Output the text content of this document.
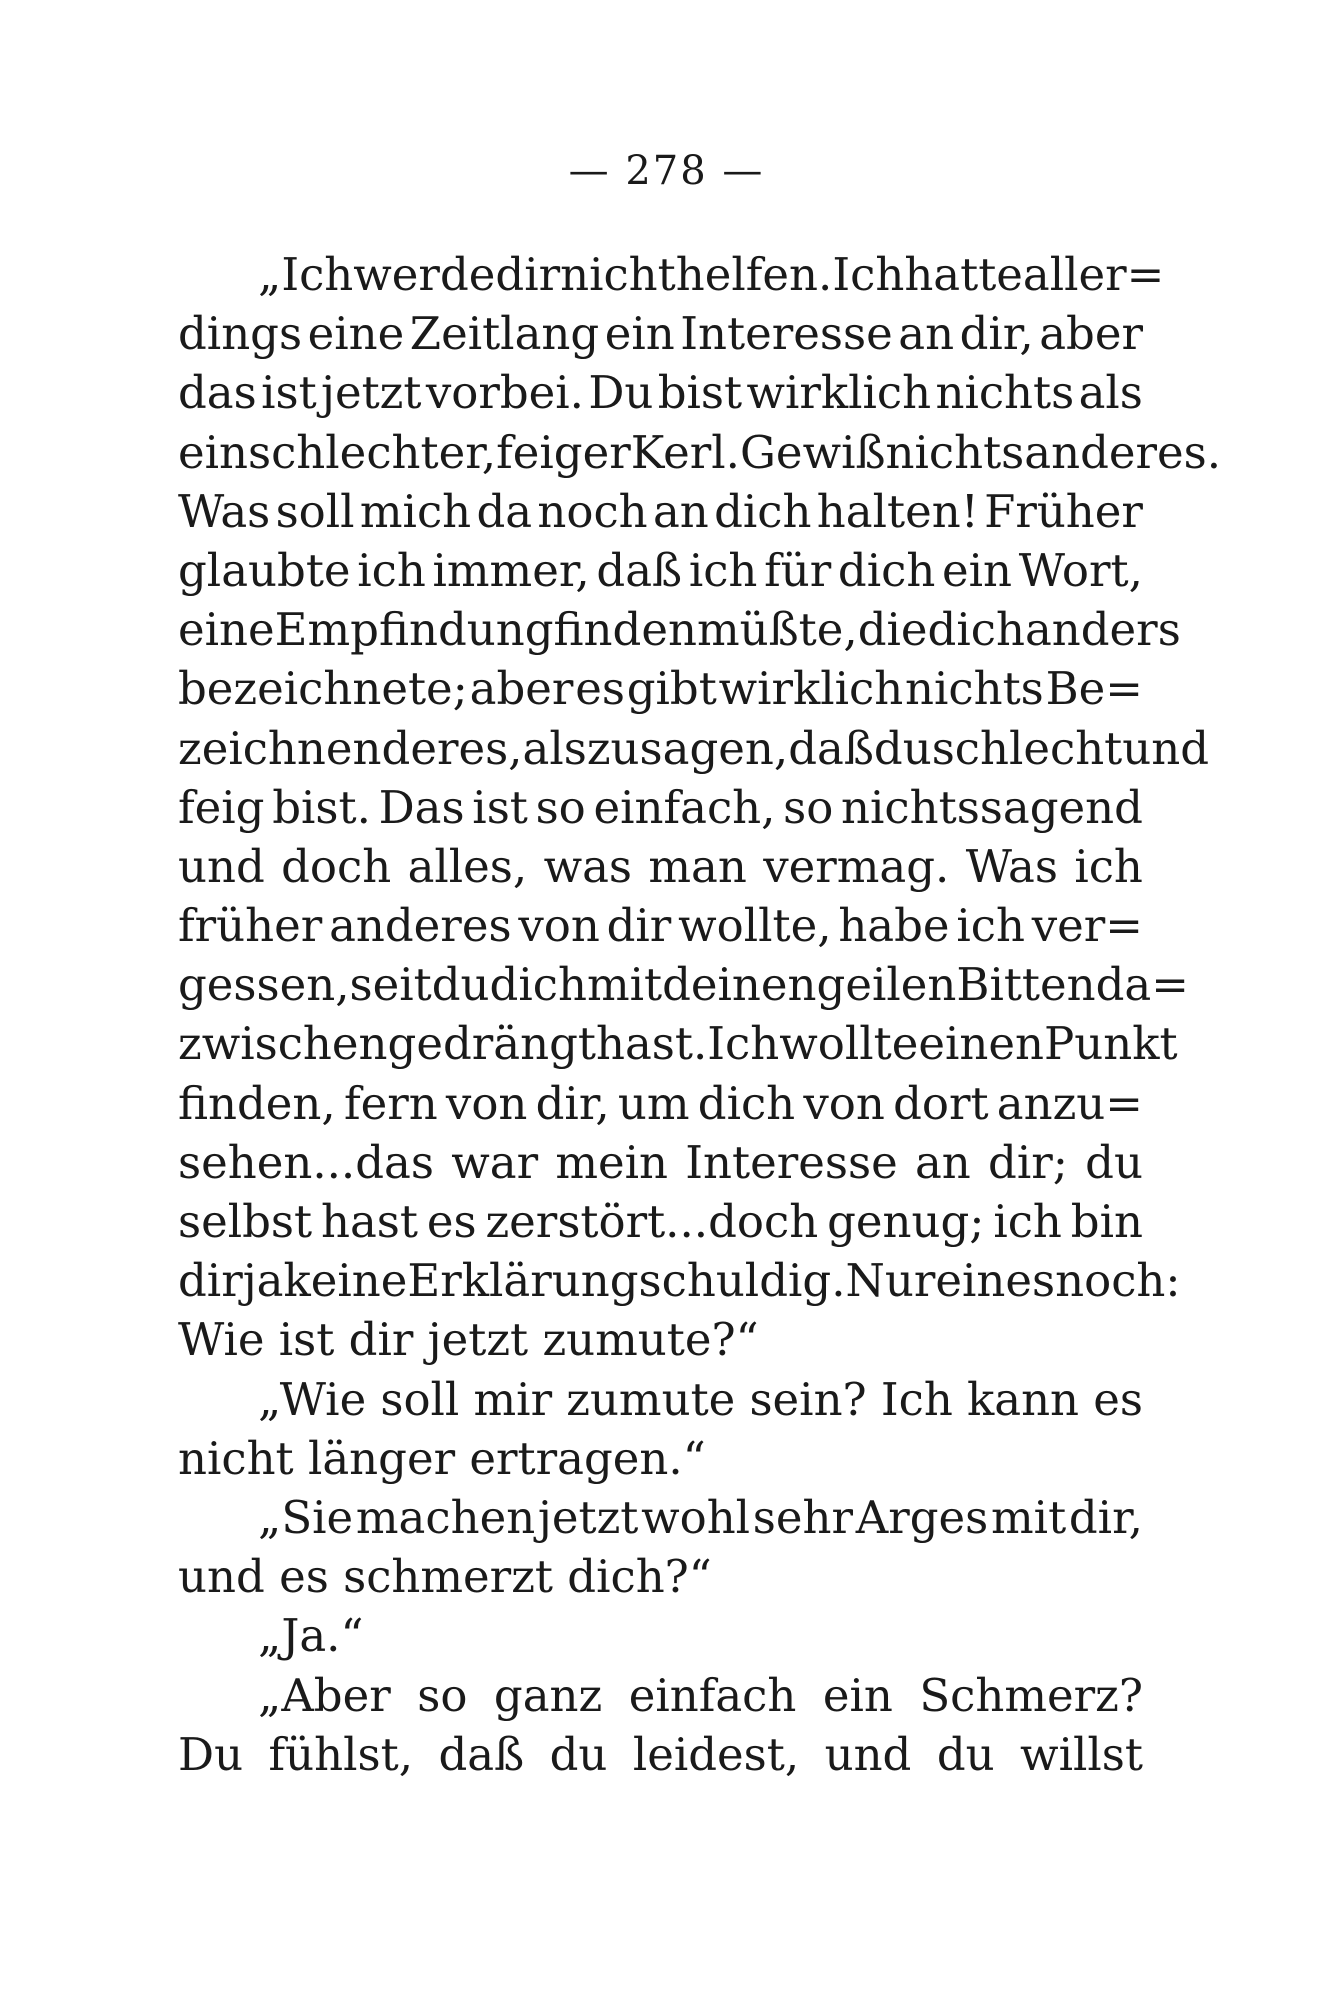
— 278 —
„Ich werde dir nicht helfen. Ich hatte aller=
dings eine Zeitlang ein Interesse an dir, aber
das ist jetzt vorbei. Du bist wirklich nichts als
ein schlechter, feiger Kerl. Gewiß nichts anderes.
Was soll mich da noch an dich halten! Früher
glaubte ich immer, daß ich für dich ein Wort,
eine Empfindung finden müßte, die dich anders
bezeichnete; aber es gibt wirklich nichts Be=
zeichnenderes, als zu sagen, daß du schlecht und
feig bist. Das ist so einfach, so nichtssagend
und doch alles, was man vermag. Was ich
früher anderes von dir wollte, habe ich ver=
gessen, seit du dich mit deinen geilen Bitten da=
zwischen gedrängt hast. Ich wollte einen Punkt
finden, fern von dir, um dich von dort anzu=
sehen...das war mein Interesse an dir; du
selbst hast es zerstört...doch genug; ich bin
dir ja keine Erklärung schuldig. Nur eines noch:
Wie ist dir jetzt zumute?“
„Wie soll mir zumute sein? Ich kann es
nicht länger ertragen.“
„Sie machen jetzt wohl sehr Arges mit dir,
und es schmerzt dich?“
„Ja.“
„Aber so ganz einfach ein Schmerz?
Du fühlst, daß du leidest, und du willst
